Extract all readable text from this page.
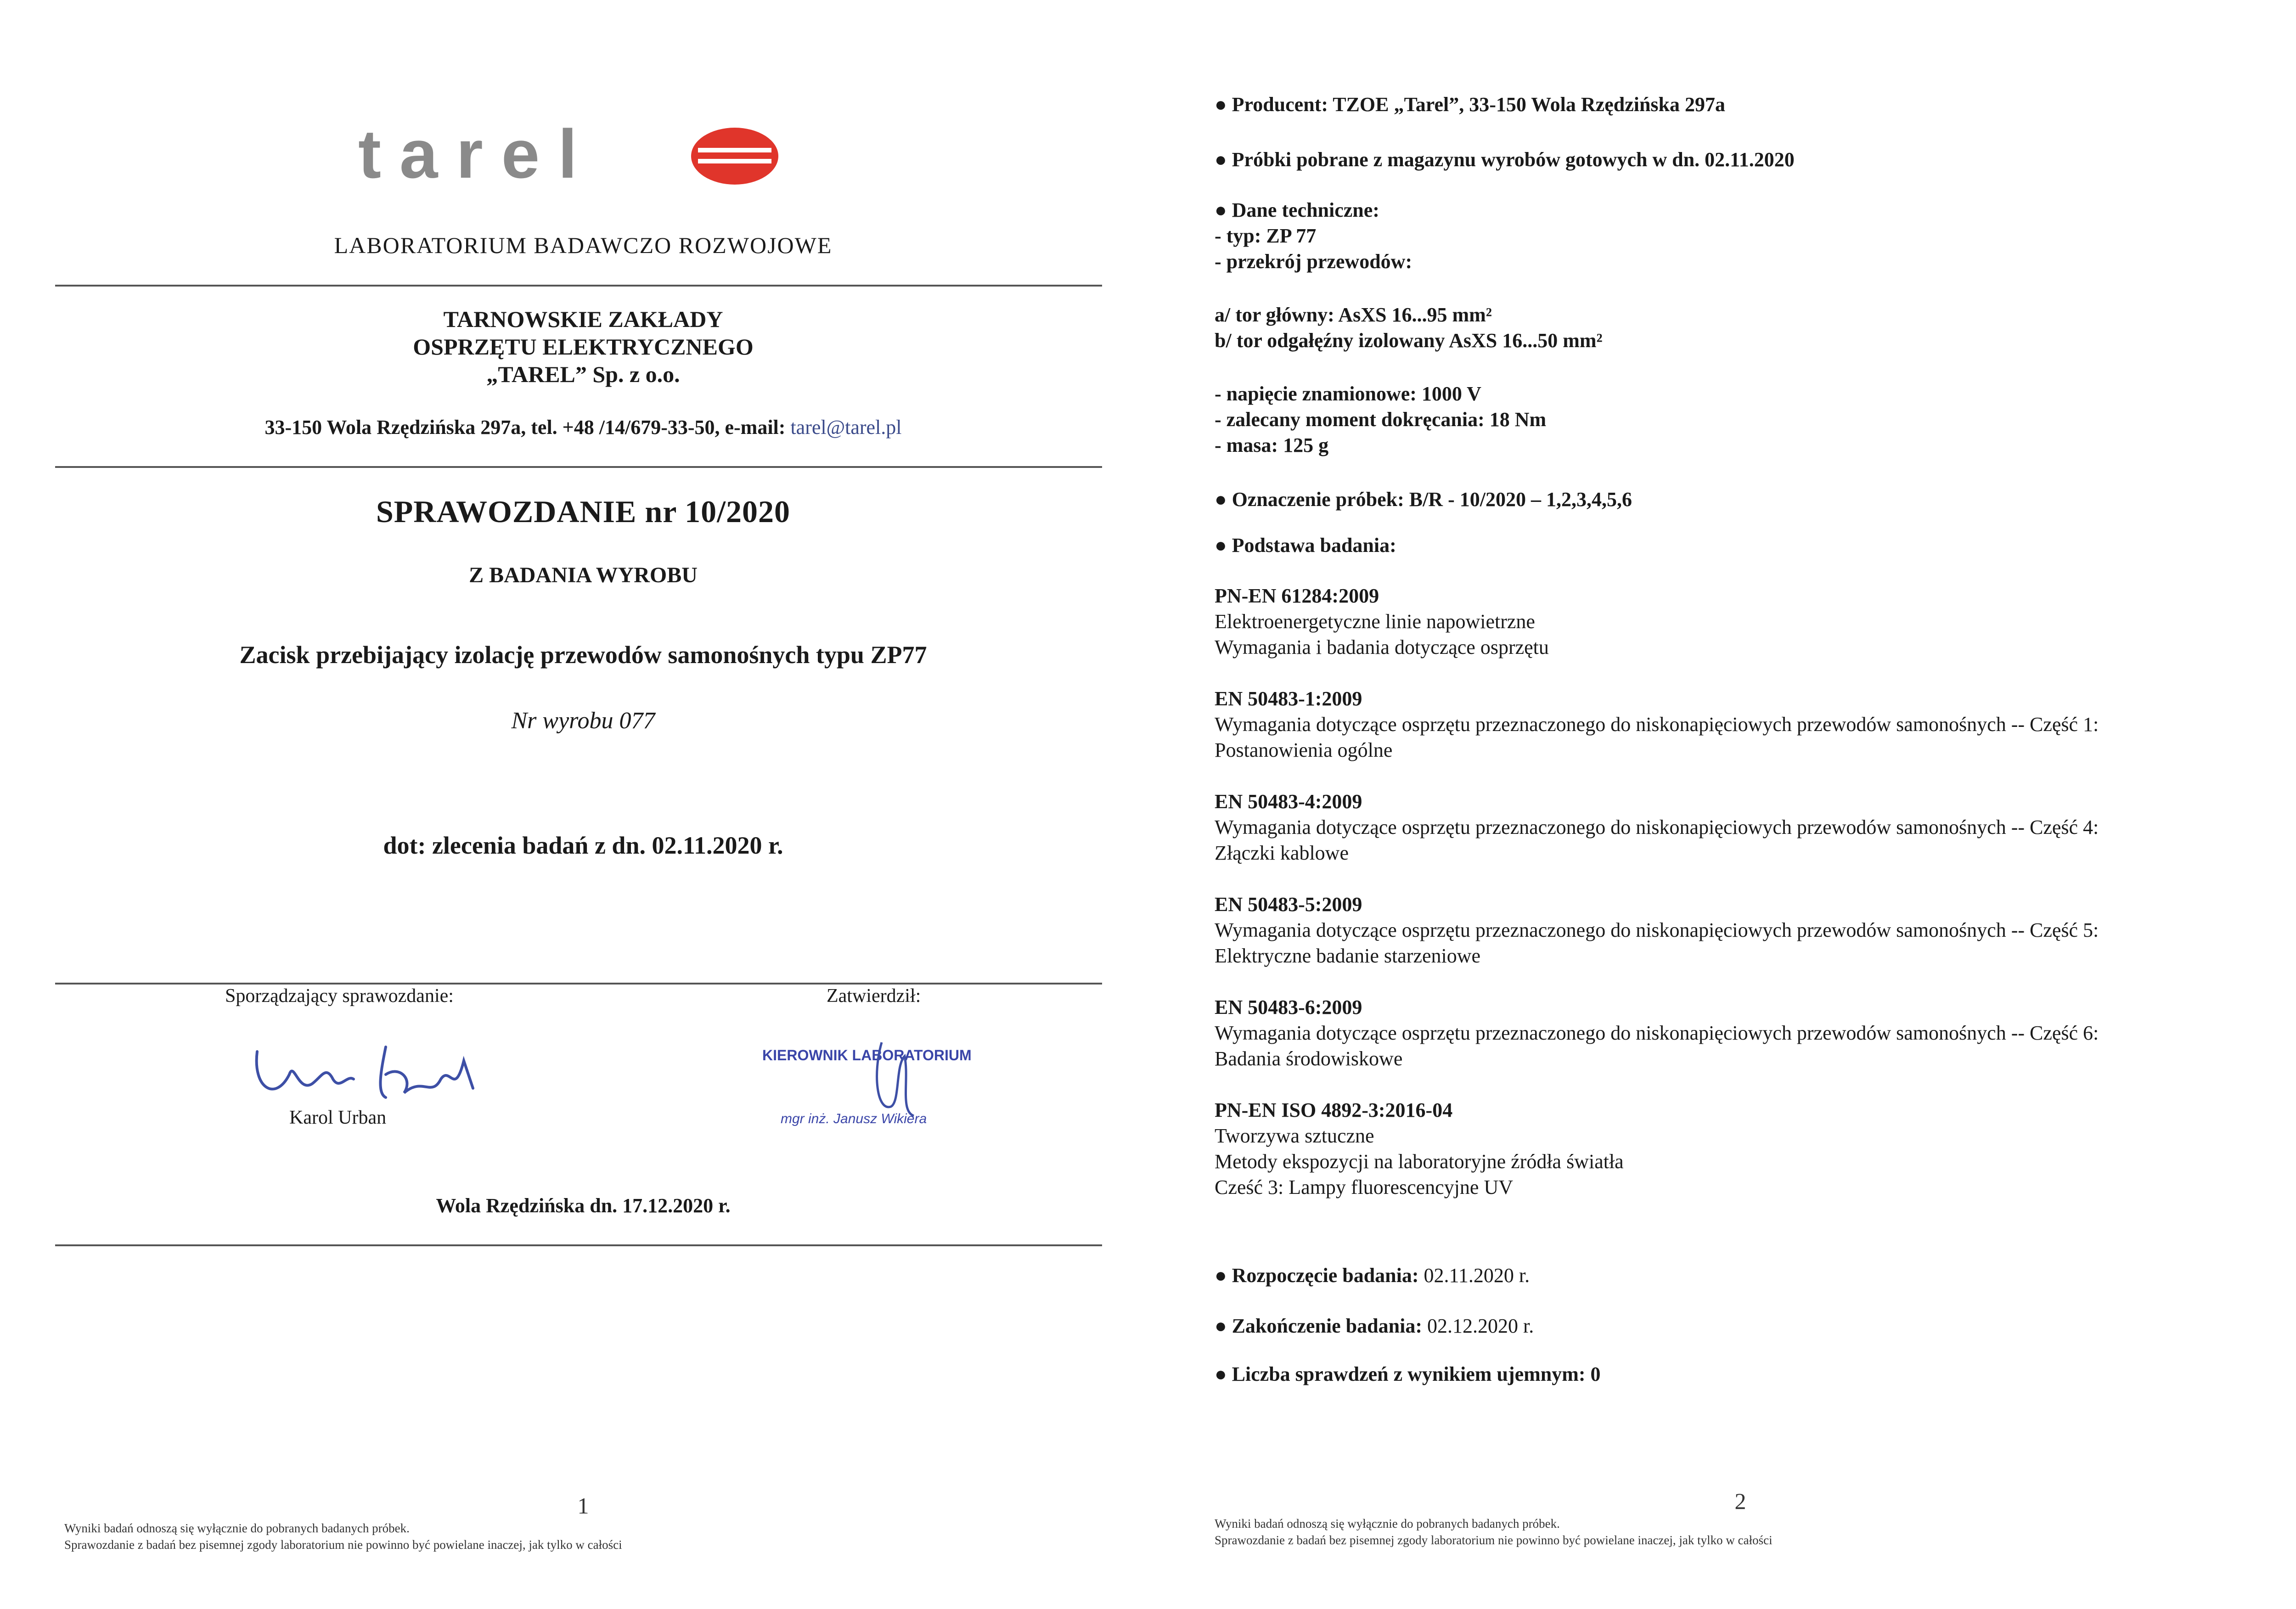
tarel
LABORATORIUM BADAWCZO ROZWOJOWE
TARNOWSKIE ZAKŁADY
OSPRZĘTU ELEKTRYCZNEGO
„TAREL” Sp. z o.o.
33-150 Wola Rzędzińska 297a, tel. +48 /14/679-33-50, e-mail: tarel@tarel.pl
SPRAWOZDANIE nr 10/2020
Z BADANIA WYROBU
Zacisk przebijający izolację przewodów samonośnych typu ZP77
Nr wyrobu 077
dot: zlecenia badań z dn. 02.11.2020 r.
Sporządzający sprawozdanie:	Zatwierdził:
Karol Urban
KIEROWNIK LABORATORIUM
mgr inż. Janusz Wikiera
Wola Rzędzińska dn. 17.12.2020 r.
1
Wyniki badań odnoszą się wyłącznie do pobranych badanych próbek.
Sprawozdanie z badań bez pisemnej zgody laboratorium nie powinno być powielane inaczej, jak tylko w całości
● Producent: TZOE „Tarel”, 33-150 Wola Rzędzińska 297a
● Próbki pobrane z magazynu wyrobów gotowych w dn. 02.11.2020
● Dane techniczne:
- typ: ZP 77
- przekrój przewodów:
a/ tor główny: AsXS 16...95 mm²
b/ tor odgałęźny izolowany AsXS 16...50 mm²
- napięcie znamionowe: 1000 V
- zalecany moment dokręcania: 18 Nm
- masa: 125 g
● Oznaczenie próbek: B/R - 10/2020 – 1,2,3,4,5,6
● Podstawa badania:
PN-EN 61284:2009
Elektroenergetyczne linie napowietrzne
Wymagania i badania dotyczące osprzętu
EN 50483-1:2009
Wymagania dotyczące osprzętu przeznaczonego do niskonapięciowych przewodów samonośnych -- Część 1:
Postanowienia ogólne
EN 50483-4:2009
Wymagania dotyczące osprzętu przeznaczonego do niskonapięciowych przewodów samonośnych -- Część 4:
Złączki kablowe
EN 50483-5:2009
Wymagania dotyczące osprzętu przeznaczonego do niskonapięciowych przewodów samonośnych -- Część 5:
Elektryczne badanie starzeniowe
EN 50483-6:2009
Wymagania dotyczące osprzętu przeznaczonego do niskonapięciowych przewodów samonośnych -- Część 6:
Badania środowiskowe
PN-EN ISO 4892-3:2016-04
Tworzywa sztuczne
Metody ekspozycji na laboratoryjne źródła światła
Cześć 3: Lampy fluorescencyjne UV
● Rozpoczęcie badania: 02.11.2020 r.
● Zakończenie badania: 02.12.2020 r.
● Liczba sprawdzeń z wynikiem ujemnym: 0
2
Wyniki badań odnoszą się wyłącznie do pobranych badanych próbek.
Sprawozdanie z badań bez pisemnej zgody laboratorium nie powinno być powielane inaczej, jak tylko w całości
